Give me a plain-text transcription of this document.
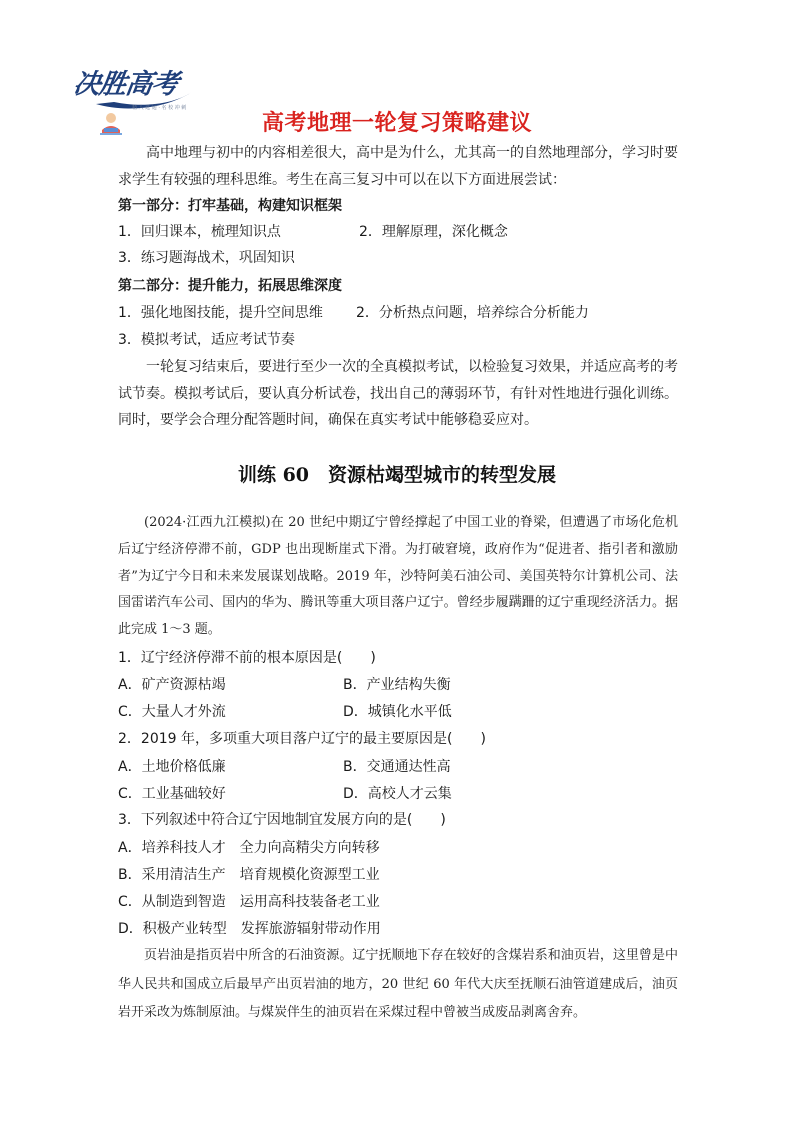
决胜高考
精 人 选 通 · 名 校 冲 刺
高考地理一轮复习策略建议

高中地理与初中的内容相差很大，高中是为什么，尤其高一的自然地理部分，学习时要求学生有较强的理科思维。考生在高三复习中可以在以下方面进展尝试：

第一部分：打牢基础，构建知识框架
1．回归课本，梳理知识点	2．理解原理，深化概念
3．练习题海战术，巩固知识
第二部分：提升能力，拓展思维深度
1．强化地图技能，提升空间思维 2．分析热点问题，培养综合分析能力
3．模拟考试，适应考试节奏

一轮复习结束后，要进行至少一次的全真模拟考试，以检验复习效果，并适应高考的考试节奏。模拟考试后，要认真分析试卷，找出自己的薄弱环节，有针对性地进行强化训练。同时，要学会合理分配答题时间，确保在真实考试中能够稳妥应对。

训练 60　资源枯竭型城市的转型发展

(2024·江西九江模拟)在 20 世纪中期辽宁曾经撑起了中国工业的脊梁，但遭遇了市场化危机后辽宁经济停滞不前，GDP 也出现断崖式下滑。为打破窘境，政府作为“促进者、指引者和激励者”为辽宁今日和未来发展谋划战略。2019 年，沙特阿美石油公司、美国英特尔计算机公司、法国雷诺汽车公司、国内的华为、腾讯等重大项目落户辽宁。曾经步履蹒跚的辽宁重现经济活力。据此完成 1～3 题。

1．辽宁经济停滞不前的根本原因是(　　)
A．矿产资源枯竭	B．产业结构失衡
C．大量人才外流	D．城镇化水平低
2．2019 年，多项重大项目落户辽宁的最主要原因是(　　)
A．土地价格低廉	B．交通通达性高
C．工业基础较好	D．高校人才云集
3．下列叙述中符合辽宁因地制宜发展方向的是(　　)
A．培养科技人才　全力向高精尖方向转移
B．采用清洁生产　培育规模化资源型工业
C．从制造到智造　运用高科技装备老工业
D．积极产业转型　发挥旅游辐射带动作用

页岩油是指页岩中所含的石油资源。辽宁抚顺地下存在较好的含煤岩系和油页岩，这里曾是中华人民共和国成立后最早产出页岩油的地方，20 世纪 60 年代大庆至抚顺石油管道建成后，油页岩开采改为炼制原油。与煤炭伴生的油页岩在采煤过程中曾被当成废品剥离舍弃。
